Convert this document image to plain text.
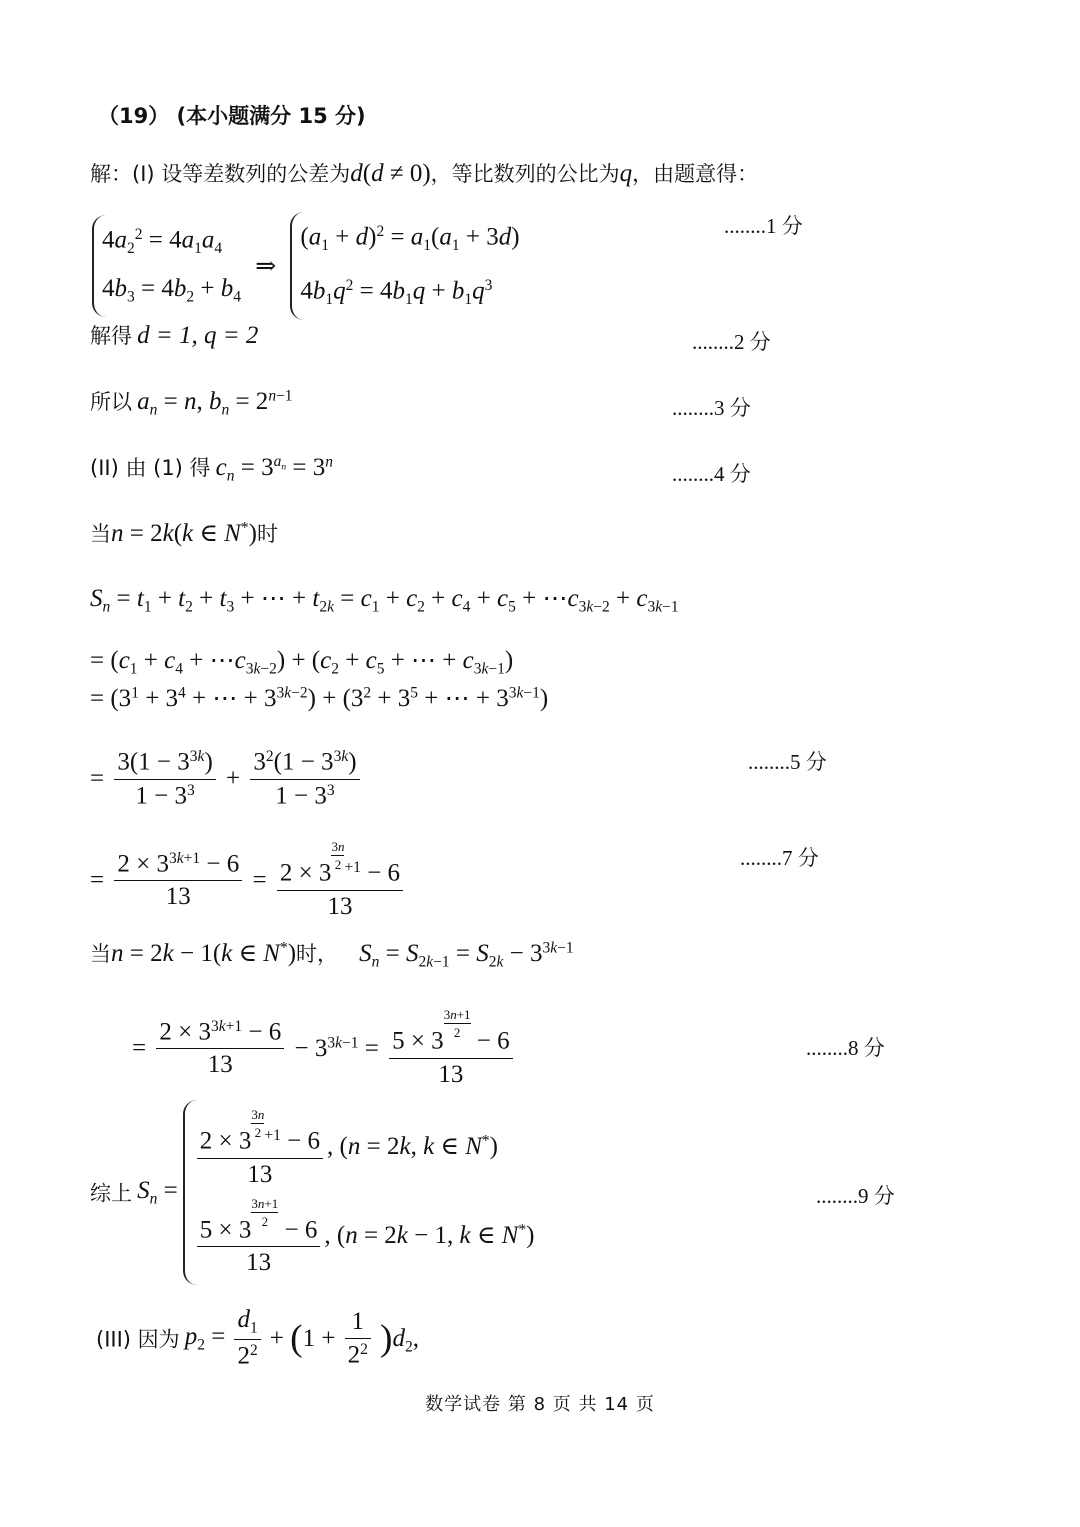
（19） (本小题满分 15 分)
解：(I) 设等差数列的公差为d(d ≠ 0)，等比数列的公比为q，由题意得：
$4a_2^2 = 4a_1a_4$
$4b_3 = 4b_2 + b_4$
⇒
$(a_1 + d)^2 = a_1(a_1 + 3d)$
$4b_1q^2 = 4b_1q + b_1q^3$
........1 分
解得 d = 1, q = 2	........2 分
所以 $a_n = n$, $b_n = 2^{n-1}$
........3 分
(II) 由 (1) 得 $c_n = 3^{a_n} = 3^n$
........4 分
当n = 2k(k ∈ N*)时
$S_n = t_1 + t_2 + t_3$ + ⋯ + $t_{2k} = c_1 + c_2 + c_4 + c_5$ + $\cdots c_{3k-2} + c_{3k-1}$
= ($c_1 + c_4$ + $\cdots c_{3k-2}) + (c_2 + c_5$ + ⋯ + $c_{3k-1}$)
= ($3^1 + 3^4$ + ⋯ + $3^{3k-2}) + (3^2 + 3^5$ + ⋯ + $3^{3k-1}$)
= $\frac{3(1 - 3^{3k})}{1 - 3^3} + \frac{3^2(1 - 3^{3k})}{1 - 3^3}$	........5 分
= $\frac{2 \times 3^{3k+1} - 6}{13} = 2 \times 3$
$\frac{3n}{2} ^{+1} - 6$
13	........7 分
当n = 2k − 1(k ∈ N*)时， $S_n = S_{2k-1} = S_{2k} - 3^{3k-1}$
= $\frac{2 \times 3^{3k+1} - 6}{13} - 3^{3k-1} = 5 \times 3$
$\frac{3n+1}{2}$
− 6
13	........8 分
综上 $S_n$ =
2 × 3
$\frac{3n}{2} ^{+1} - 6$
13 , (n = 2k, k ∈ N*)
5 × 3
$\frac{3n+1}{2}$
− 6
13 , (n = 2k − 1, k ∈ N*)
........9 分
(III) 因为 $p_2 = \frac{d_1}{2^2} + (1 + \frac{1}{2^2} )d_2$,
数学试卷 第 8 页 共 14 页
